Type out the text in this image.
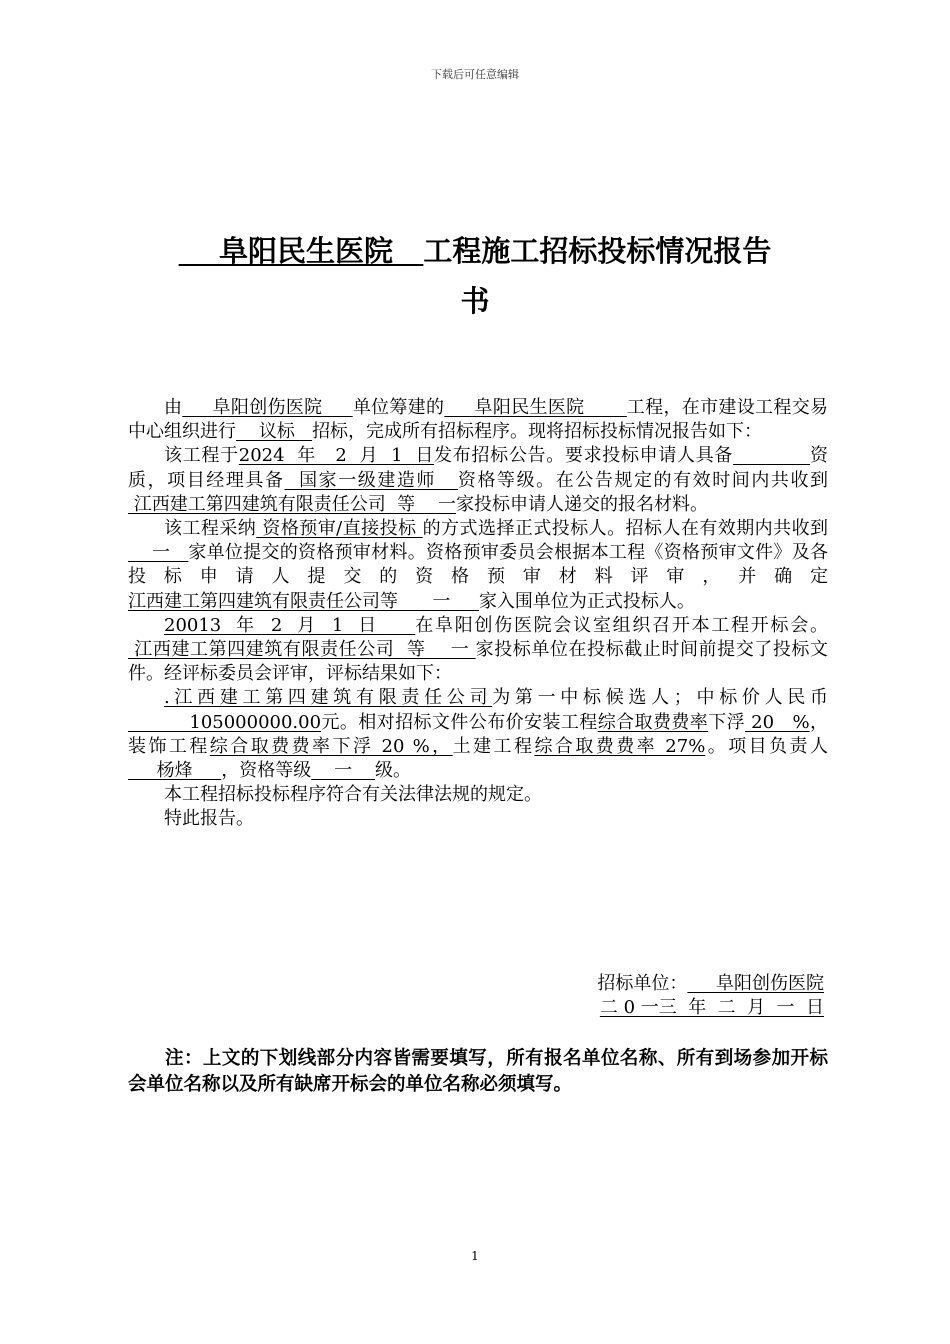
下载后可任意编辑
阜阳民生医院 工程施工招标投标情况报告
书

由     阜阳创伤医院     单位筹建的     阜阳民生医院       工程，在市建设工程交易中心组织进行    议标   招标，完成所有招标程序。现将招标投标情况报告如下：

该工程于2024  年   2  月  1  日发布招标公告。要求投标申请人具备	资质，项目经理具备  国家一级建造师   资格等级。在公告规定的有效时间内共收到 江西建工第四建筑有限责任公司  等    一家投标申请人递交的报名材料。

该工程采纳 资格预审/直接投标 的方式选择正式投标人。招标人在有效期内共收到    一   家单位提交的资格预审材料。资格预审委员会根据本工程《资格预审文件》及各投标申请人提交的资格预审材料评审，并确定江西建工第四建筑有限责任公司等      一     家入围单位为正式投标人。

20013  年  2  月  1  日     在阜阳创伤医院会议室组织召开本工程开标会。 江西建工第四建筑有限责任公司  等    一 家投标单位在投标截止时间前提交了投标文件。经评标委员会评审，评标结果如下：

.江西建工第四建筑有限责任公司为第一中标候选人；中标价人民币          105000000.00元。相对招标文件公布价安装工程综合取费费率下浮 20   %，装饰工程综合取费费率下浮 20 %，土建工程综合取费费率 27%。项目负责人     杨烽     ，资格等级    一    级。

本工程招标投标程序符合有关法律法规的规定。

特此报告。

招标单位：     阜阳创伤医院
二 0 一三  年  二  月  一  日

注：上文的下划线部分内容皆需要填写，所有报名单位名称、所有到场参加开标会单位名称以及所有缺席开标会的单位名称必须填写。

1
